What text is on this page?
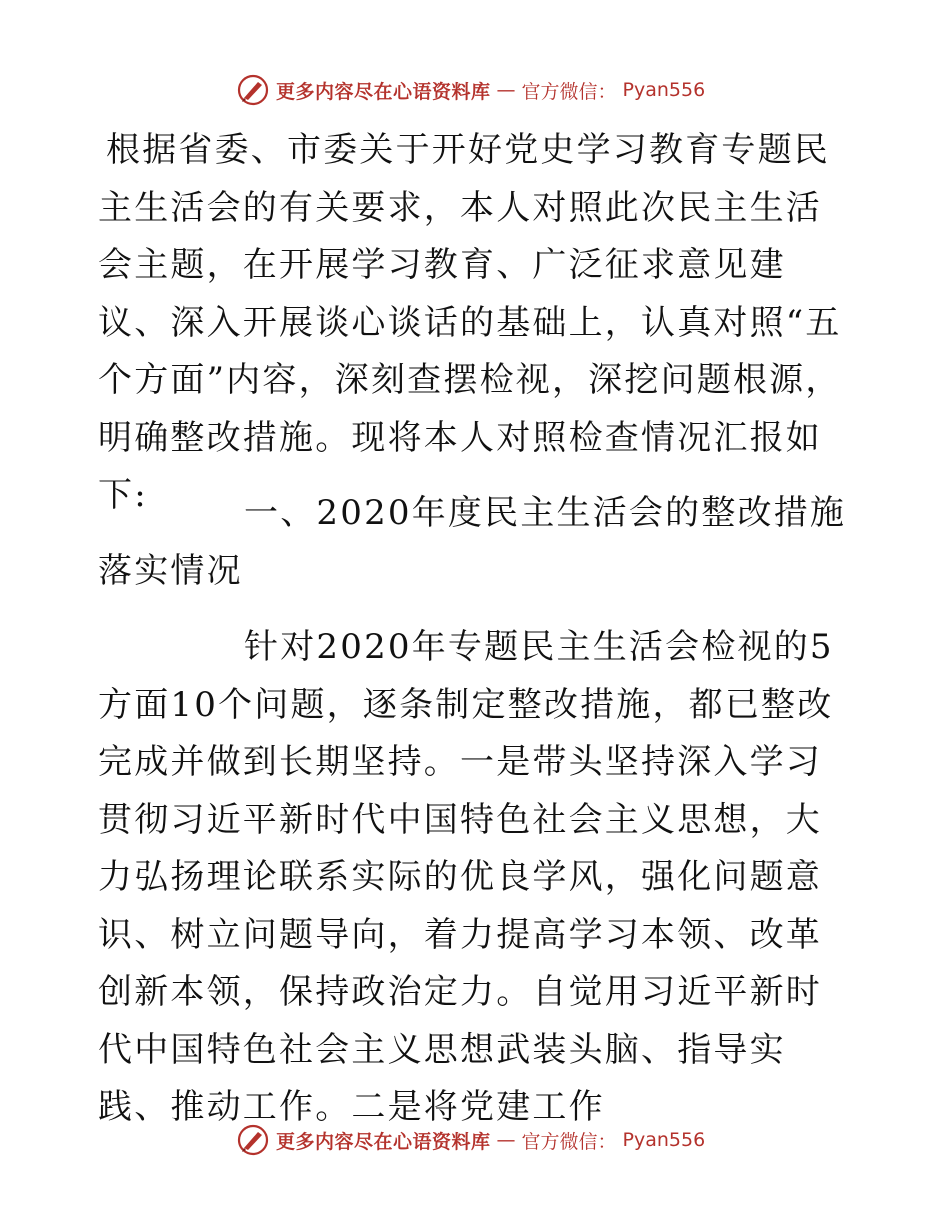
更多内容尽在心语资料库 — 官方微信： Pyan556

根据省委、市委关于开好党史学习教育专题民主生活会的有关要求，本人对照此次民主生活会主题，在开展学习教育、广泛征求意见建议、深入开展谈心谈话的基础上，认真对照“五个方面”内容，深刻查摆检视，深挖问题根源，明确整改措施。现将本人对照检查情况汇报如下:	一、2020年度民主生活会的整改措施落实情况

针对2020年专题民主生活会检视的5方面10个问题，逐条制定整改措施，都已整改完成并做到长期坚持。一是带头坚持深入学习贯彻习近平新时代中国特色社会主义思想，大力弘扬理论联系实际的优良学风，强化问题意识、树立问题导向，着力提高学习本领、改革创新本领，保持政治定力。自觉用习近平新时代中国特色社会主义思想武装头脑、指导实践、推动工作。二是将党建工作

更多内容尽在心语资料库 — 官方微信： Pyan556
